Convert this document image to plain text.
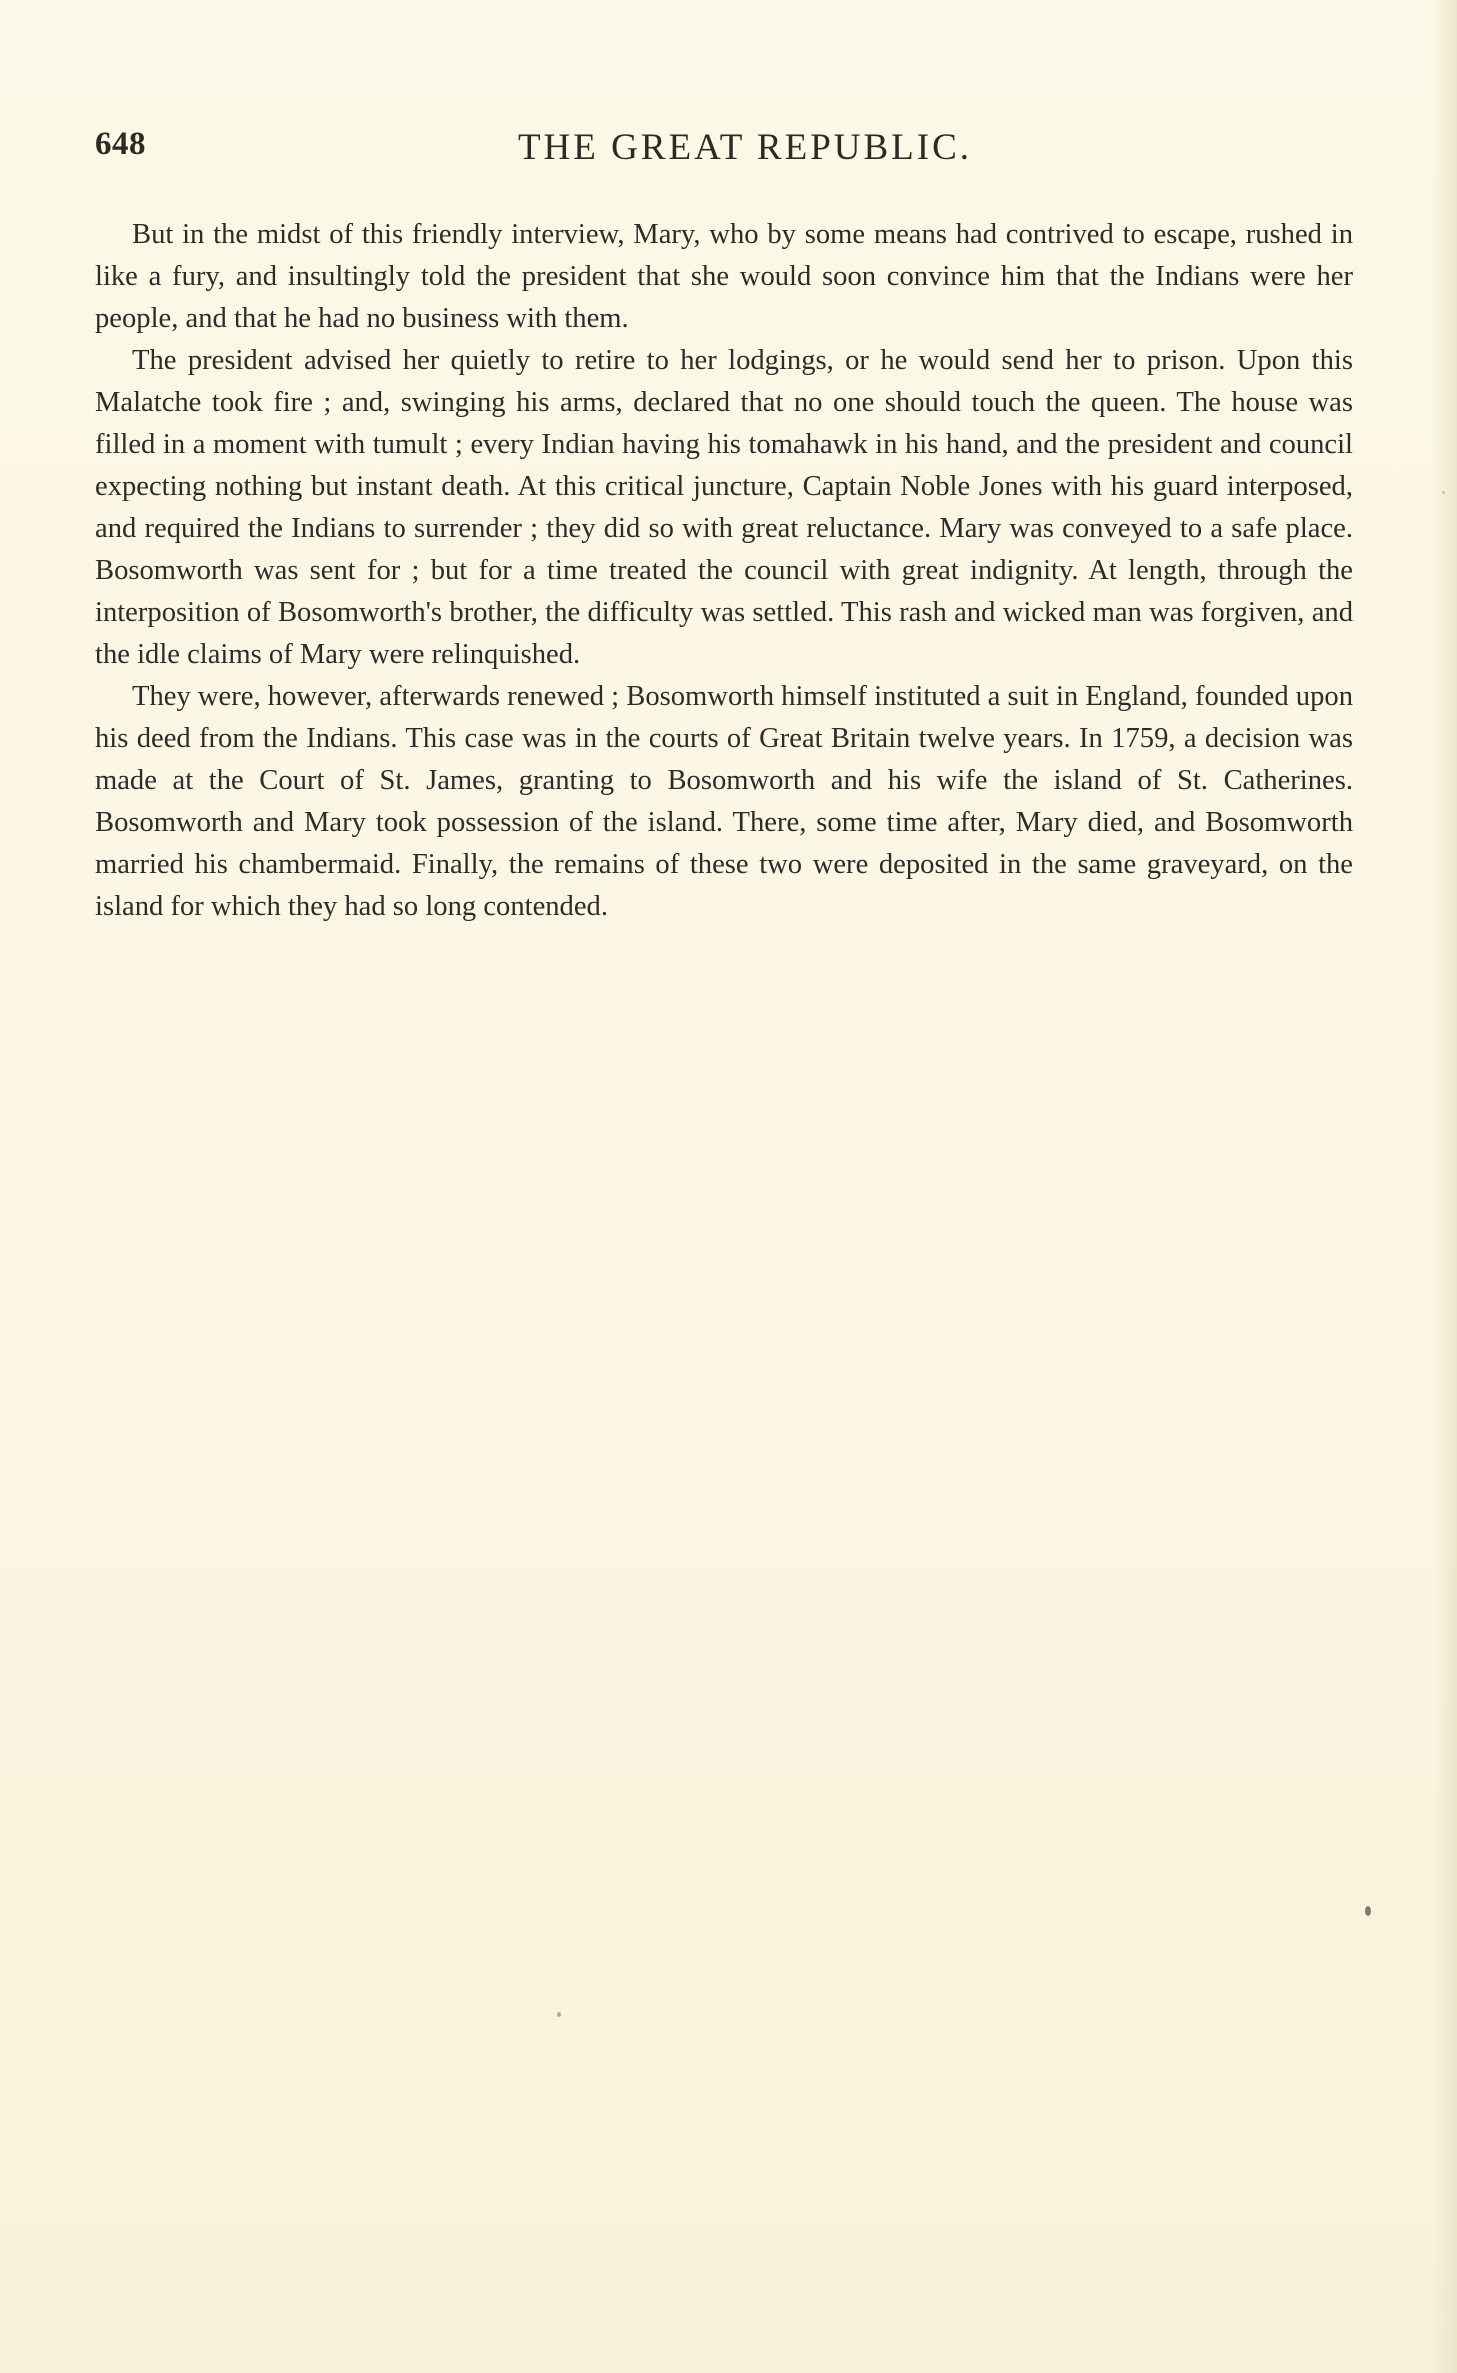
648	THE GREAT REPUBLIC.

But in the midst of this friendly interview, Mary, who by some means had contrived to escape, rushed in like a fury, and insultingly told the president that she would soon convince him that the Indians were her people, and that he had no business with them.

The president advised her quietly to retire to her lodgings, or he would send her to prison. Upon this Malatche took fire ; and, swinging his arms, declared that no one should touch the queen. The house was filled in a moment with tumult ; every Indian having his tomahawk in his hand, and the president and council expecting nothing but instant death. At this critical juncture, Captain Noble Jones with his guard interposed, and required the Indians to surrender ; they did so with great reluctance. Mary was conveyed to a safe place. Bosomworth was sent for ; but for a time treated the council with great indignity. At length, through the interposition of Bosomworth's brother, the difficulty was settled. This rash and wicked man was forgiven, and the idle claims of Mary were relinquished.

They were, however, afterwards renewed ; Bosomworth himself instituted a suit in England, founded upon his deed from the Indians. This case was in the courts of Great Britain twelve years. In 1759, a decision was made at the Court of St. James, granting to Bosomworth and his wife the island of St. Catherines. Bosomworth and Mary took possession of the island. There, some time after, Mary died, and Bosomworth married his chambermaid. Finally, the remains of these two were deposited in the same graveyard, on the island for which they had so long contended.
